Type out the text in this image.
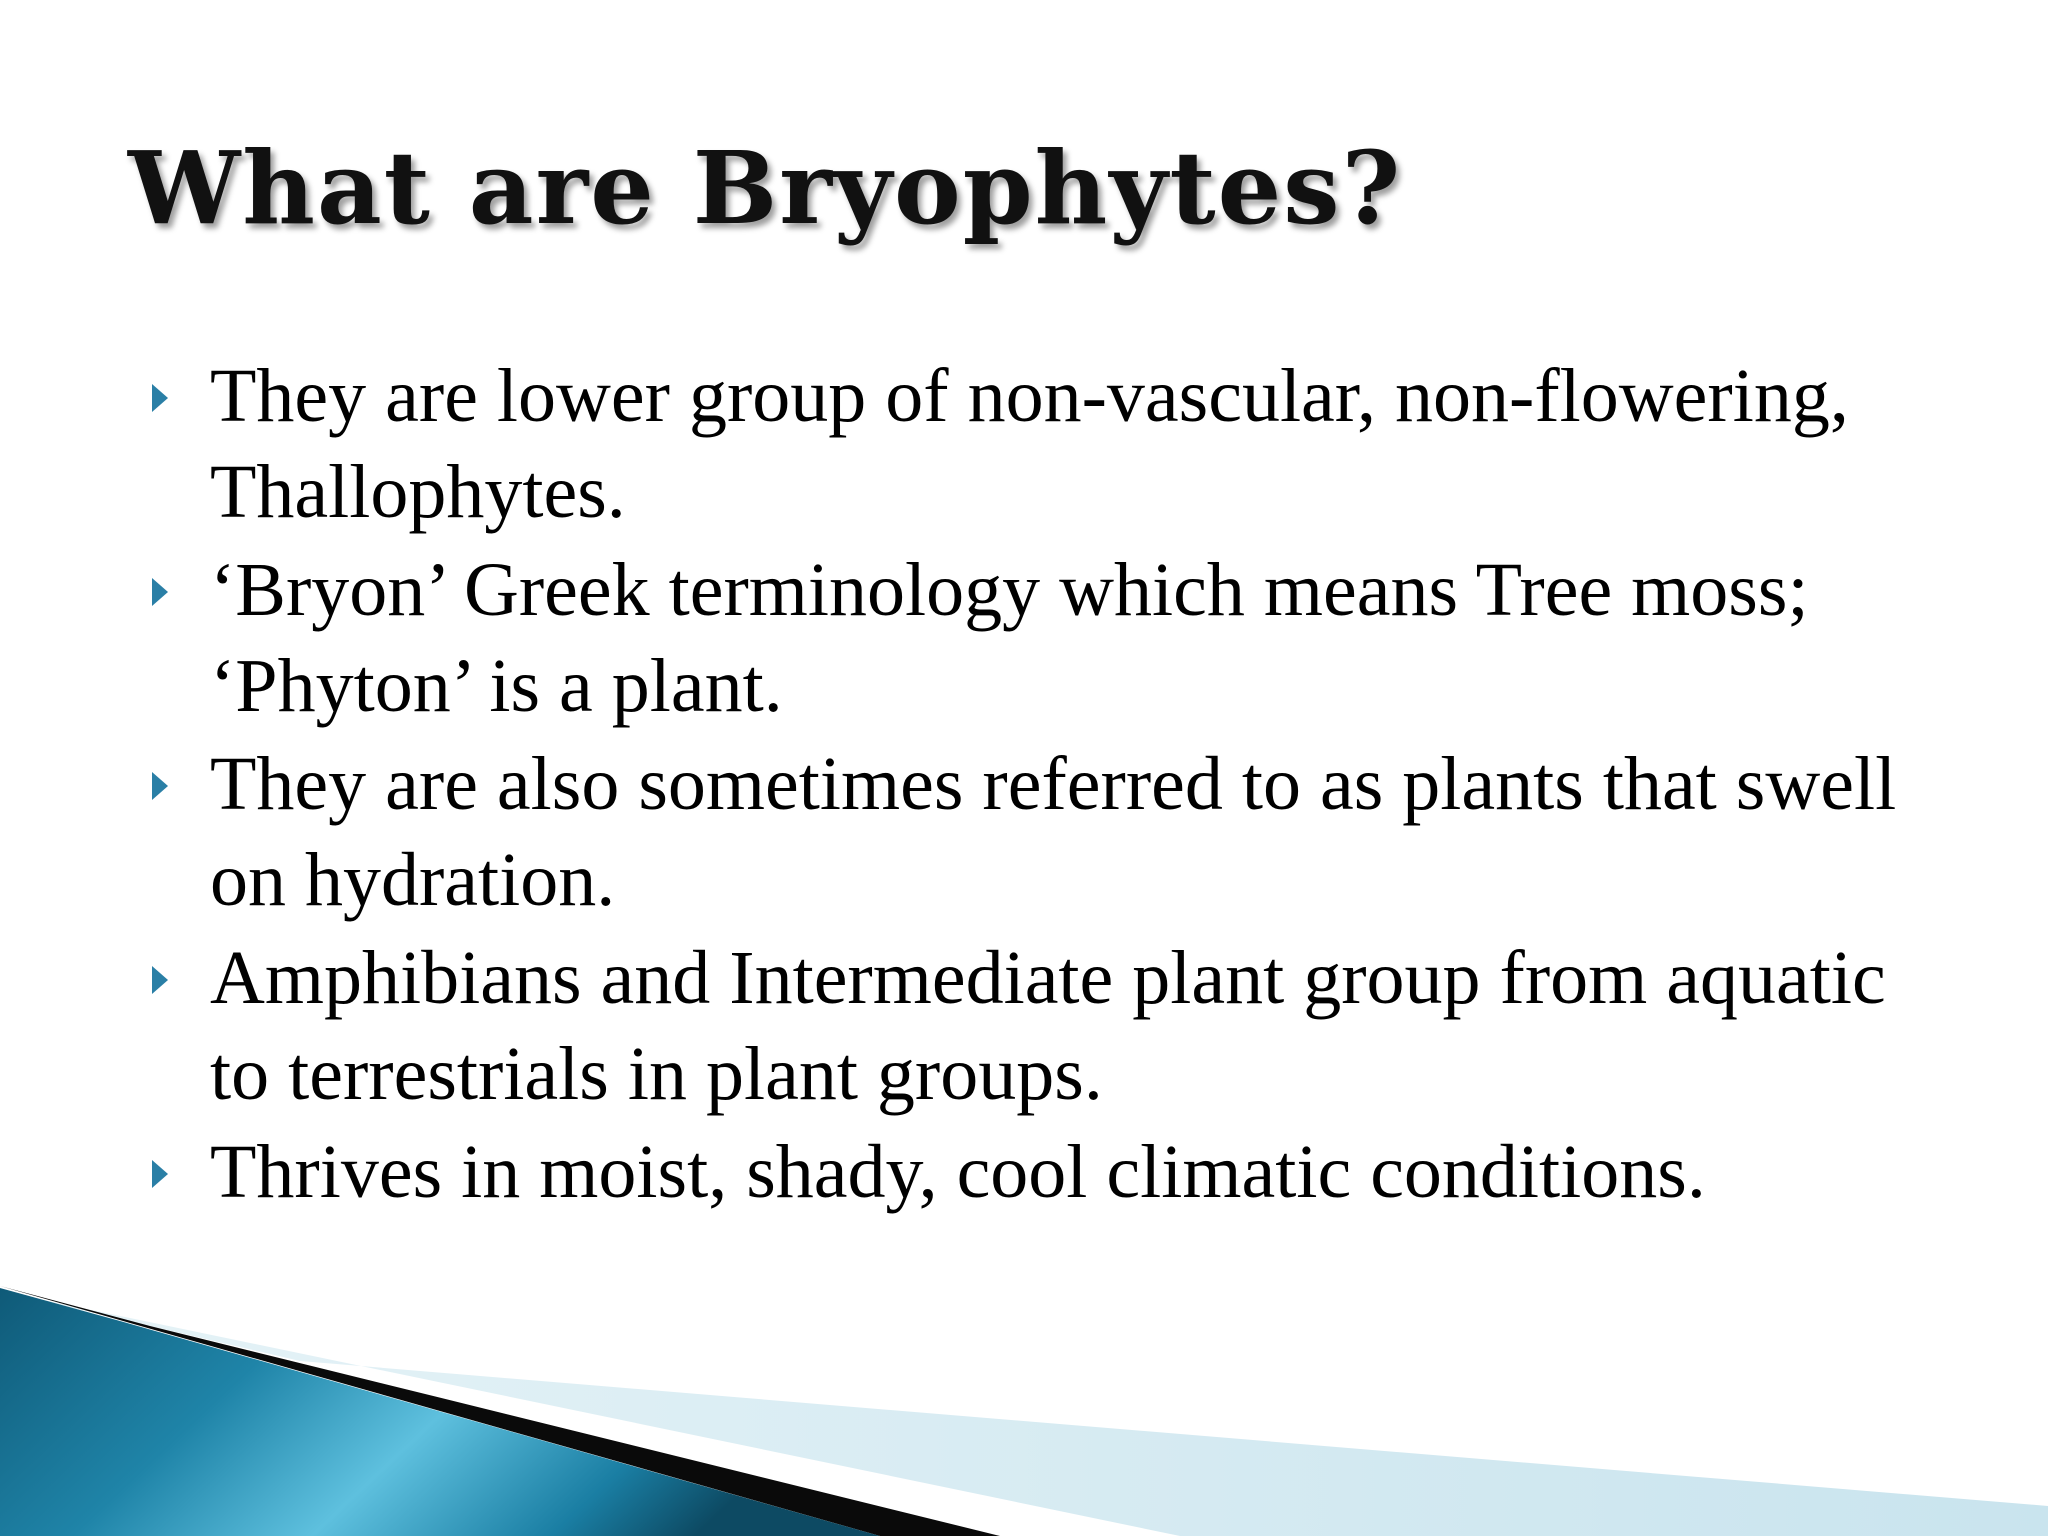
What are Bryophytes?
They are lower group of non-vascular, non-flowering, Thallophytes.
‘Bryon’ Greek terminology which means Tree moss; ‘Phyton’ is a plant.
They are also sometimes referred to as plants that swell on hydration.
Amphibians and Intermediate plant group from aquatic to terrestrials in plant groups.
Thrives in moist, shady, cool climatic conditions.
